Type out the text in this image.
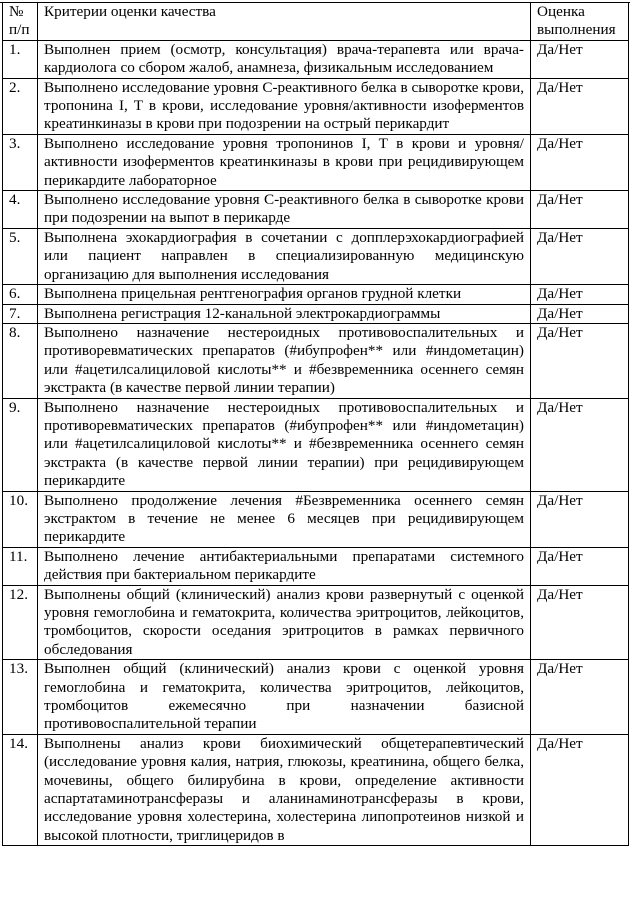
№ п/п	Критерии оценки качества	Оценка выполнения
1.	Выполнен прием (осмотр, консультация) врача-терапевта или врача-кардиолога со сбором жалоб, анамнеза, физикальным исследованием	Да/Нет
2.	Выполнено исследование уровня С-реактивного белка в сыворотке крови, тропонина I, T в крови, исследование уровня/активности изоферментов креатинкиназы в крови при подозрении на острый перикардит	Да/Нет
3.	Выполнено исследование уровня тропонинов I, T в крови и уровня/активности изоферментов креатинкиназы в крови при рецидивирующем перикардите лабораторное	Да/Нет
4.	Выполнено исследование уровня С-реактивного белка в сыворотке крови при подозрении на выпот в перикарде	Да/Нет
5.	Выполнена эхокардиография в сочетании с допплерэхокардиографией или пациент направлен в специализированную медицинскую организацию для выполнения исследования	Да/Нет
6.	Выполнена прицельная рентгенография органов грудной клетки	Да/Нет
7.	Выполнена регистрация 12-канальной электрокардиограммы	Да/Нет
8.	Выполнено назначение нестероидных противовоспалительных и противоревматических препаратов (#ибупрофен** или #индометацин) или #ацетилсалициловой кислоты** и #безвременника осеннего семян экстракта (в качестве первой линии терапии)	Да/Нет
9.	Выполнено назначение нестероидных противовоспалительных и противоревматических препаратов (#ибупрофен** или #индометацин) или #ацетилсалициловой кислоты** и #безвременника осеннего семян экстракта (в качестве первой линии терапии) при рецидивирующем перикардите	Да/Нет
10.	Выполнено продолжение лечения #Безвременника осеннего семян экстрактом в течение не менее 6 месяцев при рецидивирующем перикардите	Да/Нет
11.	Выполнено лечение антибактериальными препаратами системного действия при бактериальном перикардите	Да/Нет
12.	Выполнены общий (клинический) анализ крови развернутый с оценкой уровня гемоглобина и гематокрита, количества эритроцитов, лейкоцитов, тромбоцитов, скорости оседания эритроцитов в рамках первичного обследования	Да/Нет
13.	Выполнен общий (клинический) анализ крови с оценкой уровня гемоглобина и гематокрита, количества эритроцитов, лейкоцитов, тромбоцитов ежемесячно при назначении базисной противовоспалительной терапии	Да/Нет
14.	Выполнены анализ крови биохимический общетерапевтический (исследование уровня калия, натрия, глюкозы, креатинина, общего белка, мочевины, общего билирубина в крови, определение активности аспартатаминотрансферазы и аланинаминотрансферазы в крови, исследование уровня холестерина, холестерина липопротеинов низкой и высокой плотности, триглицеридов в	Да/Нет
